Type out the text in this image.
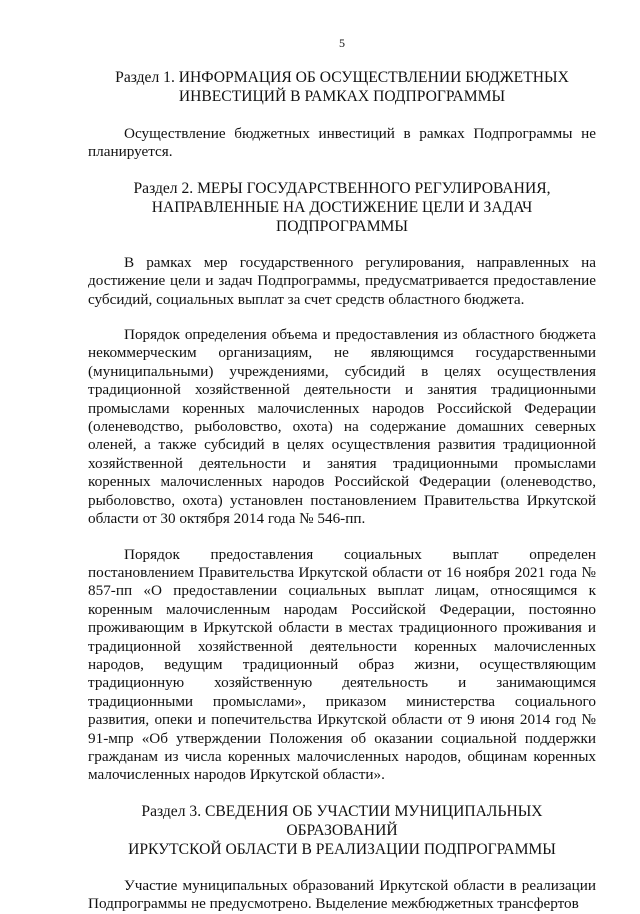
5
Раздел 1. ИНФОРМАЦИЯ ОБ ОСУЩЕСТВЛЕНИИ БЮДЖЕТНЫХ
ИНВЕСТИЦИЙ В РАМКАХ ПОДПРОГРАММЫ

Осуществление бюджетных инвестиций в рамках Подпрограммы не планируется.

Раздел 2. МЕРЫ ГОСУДАРСТВЕННОГО РЕГУЛИРОВАНИЯ,
НАПРАВЛЕННЫЕ НА ДОСТИЖЕНИЕ ЦЕЛИ И ЗАДАЧ
ПОДПРОГРАММЫ

В рамках мер государственного регулирования, направленных на достижение цели и задач Подпрограммы, предусматривается предоставление субсидий, социальных выплат за счет средств областного бюджета.

Порядок определения объема и предоставления из областного бюджета некоммерческим организациям, не являющимся государственными (муниципальными) учреждениями, субсидий в целях осуществления традиционной хозяйственной деятельности и занятия традиционными промыслами коренных малочисленных народов Российской Федерации (оленеводство, рыболовство, охота) на содержание домашних северных оленей, а также субсидий в целях осуществления развития традиционной хозяйственной деятельности и занятия традиционными промыслами коренных малочисленных народов Российской Федерации (оленеводство, рыболовство, охота) установлен постановлением Правительства Иркутской области от 30 октября 2014 года № 546-пп.

Порядок предоставления социальных выплат определен постановлением Правительства Иркутской области от 16 ноября 2021 года № 857-пп «О предоставлении социальных выплат лицам, относящимся к коренным малочисленным народам Российской Федерации, постоянно проживающим в Иркутской области в местах традиционного проживания и традиционной хозяйственной деятельности коренных малочисленных народов, ведущим традиционный образ жизни, осуществляющим традиционную хозяйственную деятельность и занимающимся традиционными промыслами», приказом министерства социального развития, опеки и попечительства Иркутской области от 9 июня 2014 год № 91-мпр «Об утверждении Положения об оказании социальной поддержки гражданам из числа коренных малочисленных народов, общинам коренных малочисленных народов Иркутской области».

Раздел 3. СВЕДЕНИЯ ОБ УЧАСТИИ МУНИЦИПАЛЬНЫХ ОБРАЗОВАНИЙ
ИРКУТСКОЙ ОБЛАСТИ В РЕАЛИЗАЦИИ ПОДПРОГРАММЫ

Участие муниципальных образований Иркутской области в реализации Подпрограммы не предусмотрено. Выделение межбюджетных трансфертов
